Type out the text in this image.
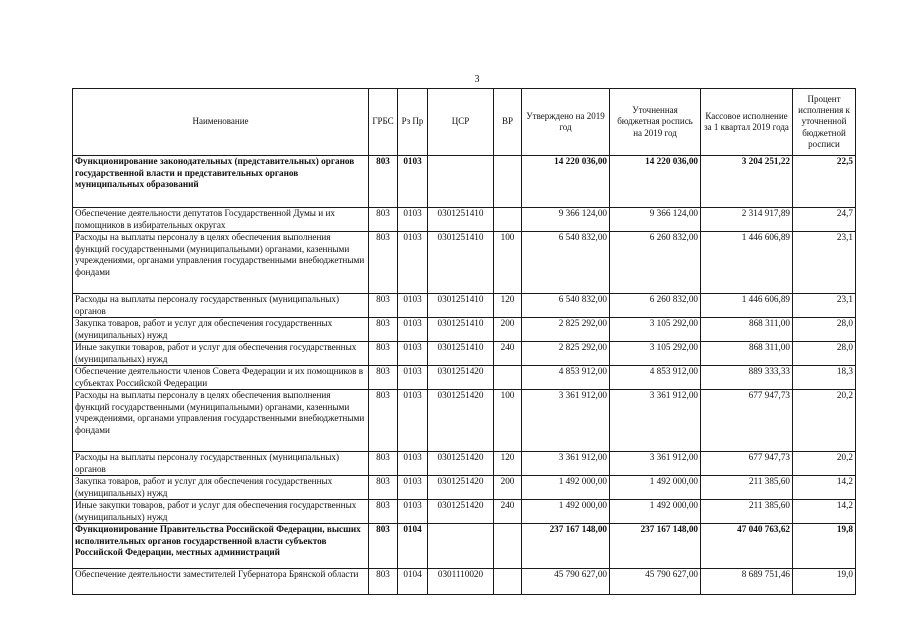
3
Наименование	ГРБС	Рз Пр	ЦСР	ВР	Утверждено на 2019 год	Уточненная бюджетная роспись на 2019 год	Кассовое исполнение за 1 квартал 2019 года	Процент исполнения к уточненной бюджетной росписи
Функционирование законодательных (представительных) органов государственной власти и представительных органов муниципальных образований	803	0103			14 220 036,00	14 220 036,00	3 204 251,22	22,5
Обеспечение деятельности депутатов Государственной Думы и их помощников в избирательных округах	803	0103	0301251410		9 366 124,00	9 366 124,00	2 314 917,89	24,7
Расходы на выплаты персоналу в целях обеспечения выполнения функций государственными (муниципальными) органами, казенными учреждениями, органами управления государственными внебюджетными фондами	803	0103	0301251410	100	6 540 832,00	6 260 832,00	1 446 606,89	23,1
Расходы на выплаты персоналу государственных (муниципальных) органов	803	0103	0301251410	120	6 540 832,00	6 260 832,00	1 446 606,89	23,1
Закупка товаров, работ и услуг для обеспечения государственных (муниципальных) нужд	803	0103	0301251410	200	2 825 292,00	3 105 292,00	868 311,00	28,0
Иные закупки товаров, работ и услуг для обеспечения государственных (муниципальных) нужд	803	0103	0301251410	240	2 825 292,00	3 105 292,00	868 311,00	28,0
Обеспечение деятельности членов Совета Федерации и их помощников в субъектах Российской Федерации	803	0103	0301251420		4 853 912,00	4 853 912,00	889 333,33	18,3
Расходы на выплаты персоналу в целях обеспечения выполнения функций государственными (муниципальными) органами, казенными учреждениями, органами управления государственными внебюджетными фондами	803	0103	0301251420	100	3 361 912,00	3 361 912,00	677 947,73	20,2
Расходы на выплаты персоналу государственных (муниципальных) органов	803	0103	0301251420	120	3 361 912,00	3 361 912,00	677 947,73	20,2
Закупка товаров, работ и услуг для обеспечения государственных (муниципальных) нужд	803	0103	0301251420	200	1 492 000,00	1 492 000,00	211 385,60	14,2
Иные закупки товаров, работ и услуг для обеспечения государственных (муниципальных) нужд	803	0103	0301251420	240	1 492 000,00	1 492 000,00	211 385,60	14,2
Функционирование Правительства Российской Федерации, высших исполнительных органов государственной власти субъектов Российской Федерации, местных администраций	803	0104			237 167 148,00	237 167 148,00	47 040 763,62	19,8
Обеспечение деятельности заместителей Губернатора Брянской области	803	0104	0301110020		45 790 627,00	45 790 627,00	8 689 751,46	19,0
